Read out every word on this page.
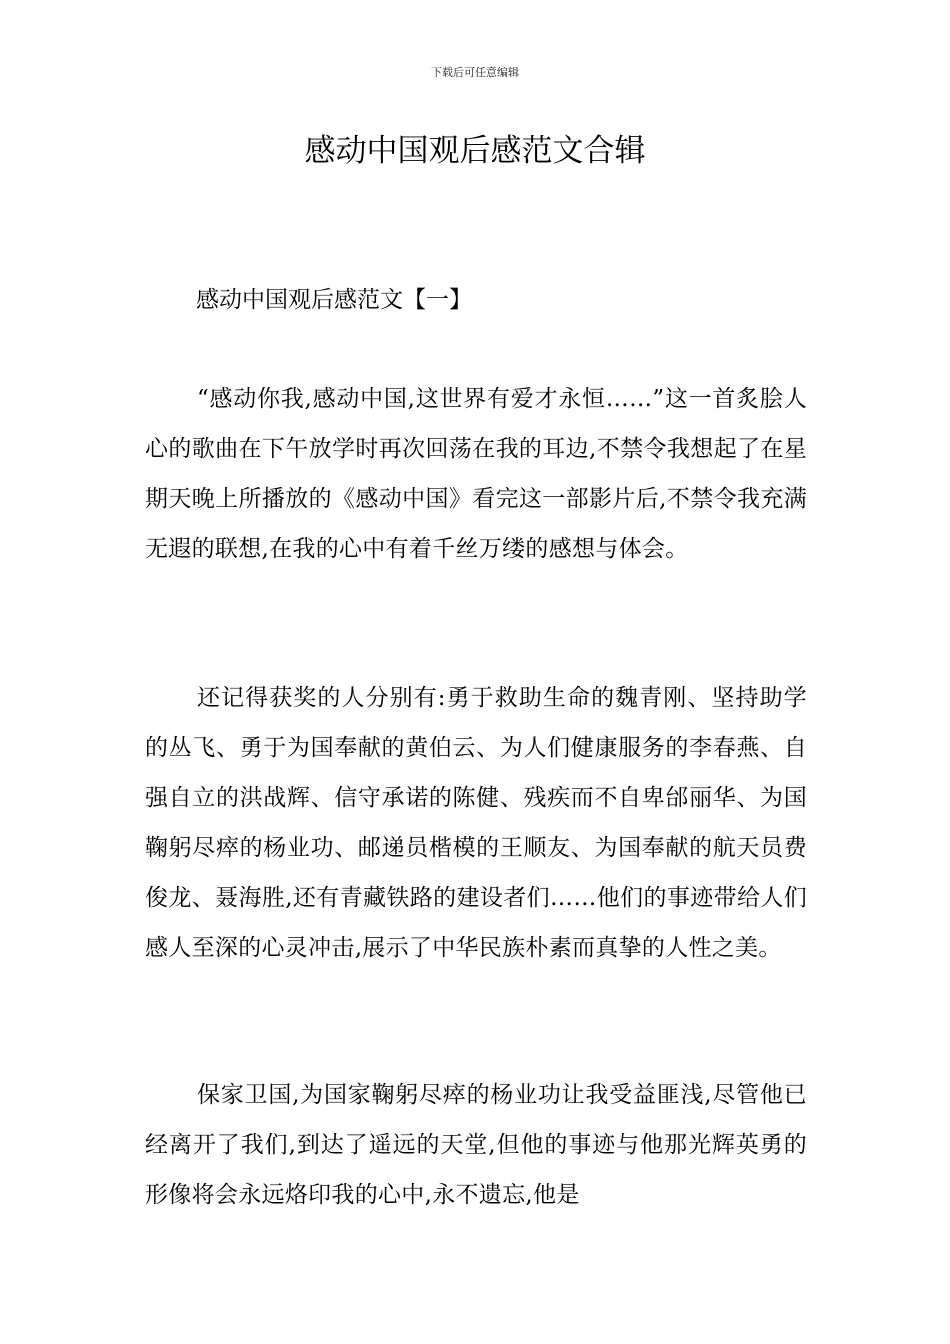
下载后可任意编辑
感动中国观后感范文合辑
感动中国观后感范文【一】

“感动你我,感动中国,这世界有爱才永恒……”这一首炙脍人心的歌曲在下午放学时再次回荡在我的耳边,不禁令我想起了在星期天晚上所播放的《感动中国》看完这一部影片后,不禁令我充满无遐的联想,在我的心中有着千丝万缕的感想与体会。

还记得获奖的人分别有:勇于救助生命的魏青刚、坚持助学的丛飞、勇于为国奉献的黄伯云、为人们健康服务的李春燕、自强自立的洪战辉、信守承诺的陈健、残疾而不自卑邰丽华、为国鞠躬尽瘁的杨业功、邮递员楷模的王顺友、为国奉献的航天员费俊龙、聂海胜,还有青藏铁路的建设者们……他们的事迹带给人们感人至深的心灵冲击,展示了中华民族朴素而真挚的人性之美。

保家卫国,为国家鞠躬尽瘁的杨业功让我受益匪浅,尽管他已经离开了我们,到达了遥远的天堂,但他的事迹与他那光辉英勇的形像将会永远烙印我的心中,永不遗忘,他是
